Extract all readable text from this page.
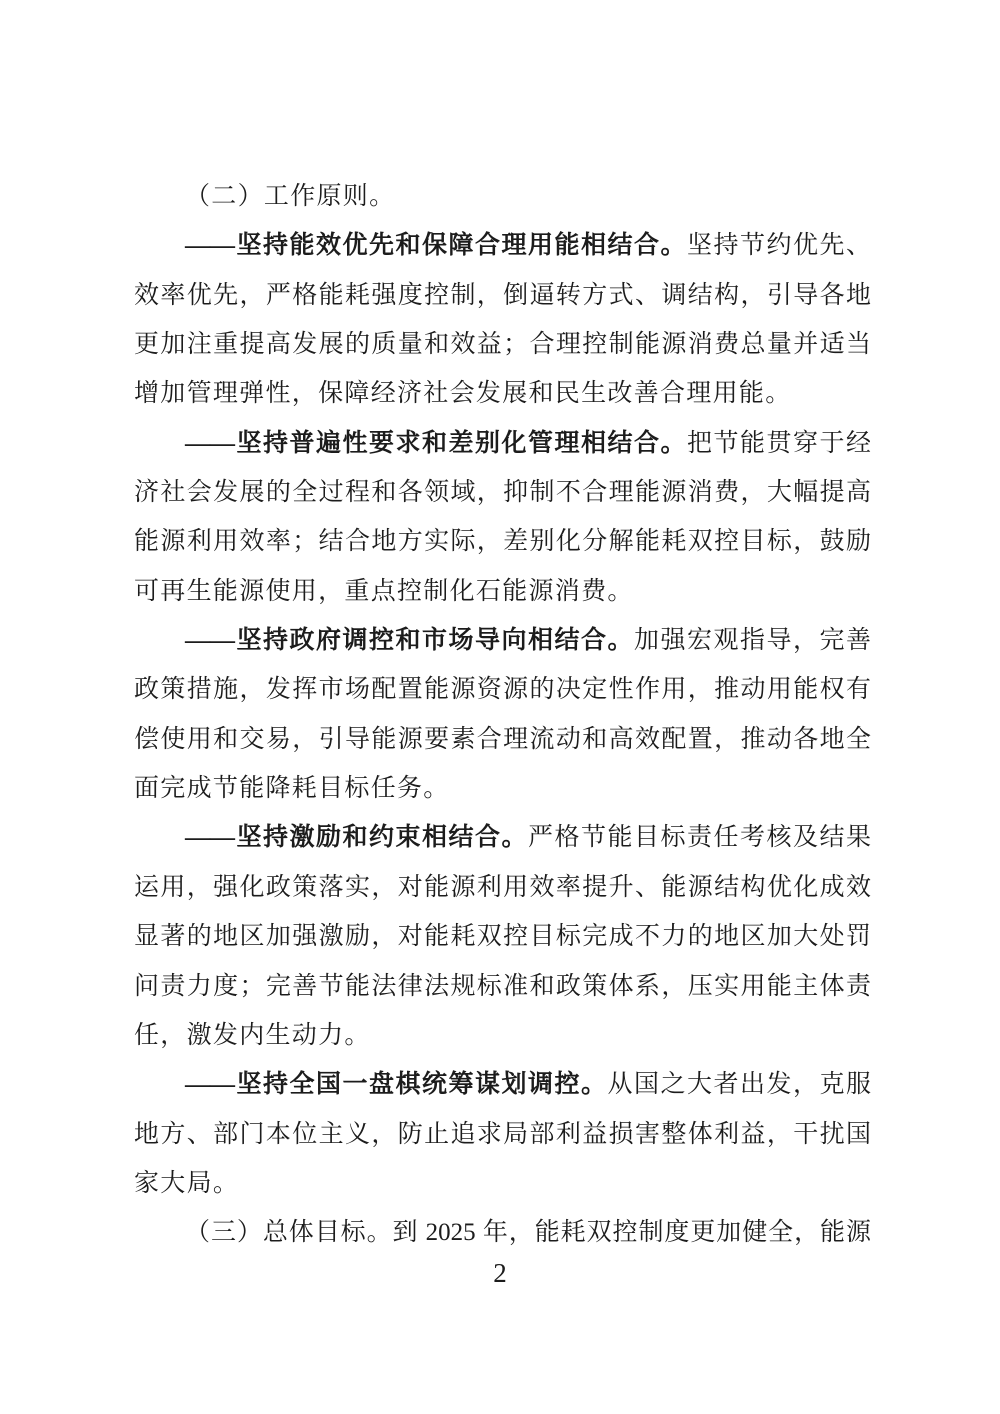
（二）工作原则。
——坚持能效优先和保障合理用能相结合。坚持节约优先、
效率优先，严格能耗强度控制，倒逼转方式、调结构，引导各地
更加注重提高发展的质量和效益；合理控制能源消费总量并适当
增加管理弹性，保障经济社会发展和民生改善合理用能。
——坚持普遍性要求和差别化管理相结合。把节能贯穿于经
济社会发展的全过程和各领域，抑制不合理能源消费，大幅提高
能源利用效率；结合地方实际，差别化分解能耗双控目标，鼓励
可再生能源使用，重点控制化石能源消费。
——坚持政府调控和市场导向相结合。加强宏观指导，完善
政策措施，发挥市场配置能源资源的决定性作用，推动用能权有
偿使用和交易，引导能源要素合理流动和高效配置，推动各地全
面完成节能降耗目标任务。
——坚持激励和约束相结合。严格节能目标责任考核及结果
运用，强化政策落实，对能源利用效率提升、能源结构优化成效
显著的地区加强激励，对能耗双控目标完成不力的地区加大处罚
问责力度；完善节能法律法规标准和政策体系，压实用能主体责
任，激发内生动力。
——坚持全国一盘棋统筹谋划调控。从国之大者出发，克服
地方、部门本位主义，防止追求局部利益损害整体利益，干扰国
家大局。
（三）总体目标。到 2025 年，能耗双控制度更加健全，能源
2
